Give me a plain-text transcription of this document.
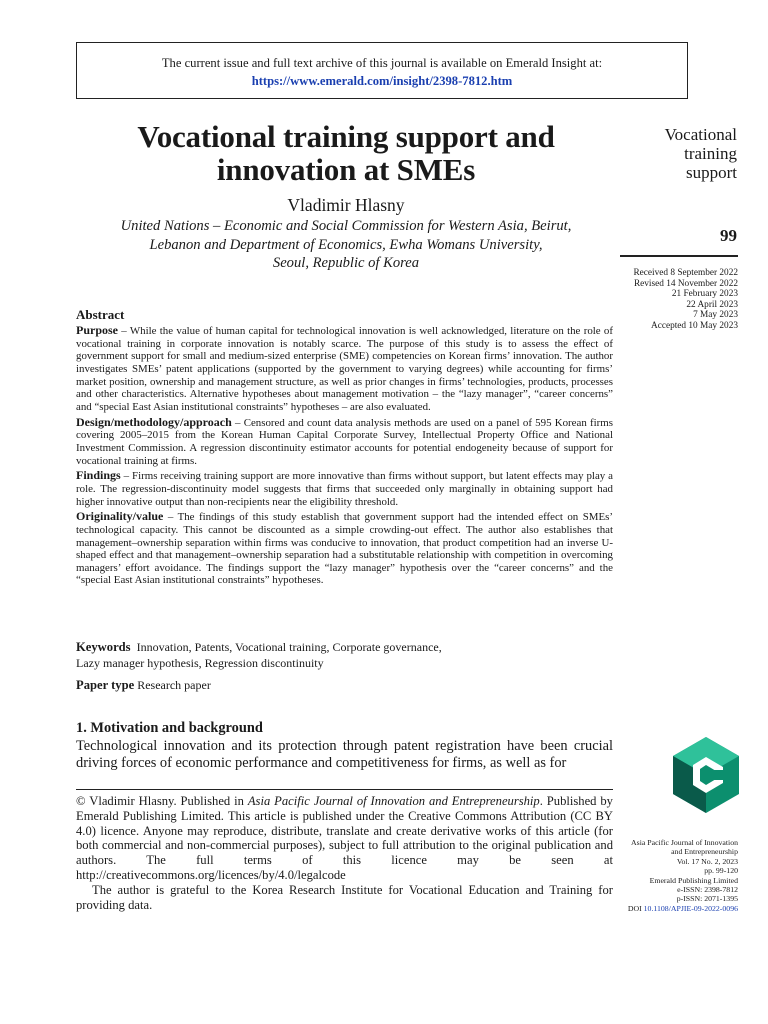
The current issue and full text archive of this journal is available on Emerald Insight at:
https://www.emerald.com/insight/2398-7812.htm
Vocational training support and innovation at SMEs
Vladimir Hlasny
United Nations – Economic and Social Commission for Western Asia, Beirut,
Lebanon and Department of Economics, Ewha Womans University,
Seoul, Republic of Korea
Vocational
training
support
99
Received 8 September 2022
Revised 14 November 2022
21 February 2023
22 April 2023
7 May 2023
Accepted 10 May 2023
Abstract

Purpose – While the value of human capital for technological innovation is well acknowledged, literature on the role of vocational training in corporate innovation is notably scarce. The purpose of this study is to assess the effect of government support for small and medium-sized enterprise (SME) competencies on Korean firms’ innovation. The author investigates SMEs’ patent applications (supported by the government to varying degrees) while accounting for firms’ market position, ownership and management structure, as well as prior changes in firms’ technologies, products, processes and other characteristics. Alternative hypotheses about management motivation – the “lazy manager”, “career concerns” and “special East Asian institutional constraints” hypotheses – are also evaluated.

Design/methodology/approach – Censored and count data analysis methods are used on a panel of 595 Korean firms covering 2005–2015 from the Korean Human Capital Corporate Survey, Intellectual Property Office and National Investment Commission. A regression discontinuity estimator accounts for potential endogeneity because of support for vocational training at firms.

Findings – Firms receiving training support are more innovative than firms without support, but latent effects may play a role. The regression-discontinuity model suggests that firms that succeeded only marginally in obtaining support had higher innovative output than non-recipients near the eligibility threshold.

Originality/value – The findings of this study establish that government support had the intended effect on SMEs’ technological capacity. This cannot be discounted as a simple crowding-out effect. The author also establishes that management–ownership separation within firms was conducive to innovation, that product competition had an inverse U-shaped effect and that management–ownership separation had a substitutable relationship with competition in overcoming managers’ effort avoidance. The findings support the “lazy manager” hypothesis over the “career concerns” and the “special East Asian institutional constraints” hypotheses.

Keywords Innovation, Patents, Vocational training, Corporate governance,
Lazy manager hypothesis, Regression discontinuity
Paper type Research paper
1. Motivation and background

Technological innovation and its protection through patent registration have been crucial driving forces of economic performance and competitiveness for firms, as well as for

© Vladimir Hlasny. Published in Asia Pacific Journal of Innovation and Entrepreneurship. Published by Emerald Publishing Limited. This article is published under the Creative Commons Attribution (CC BY 4.0) licence. Anyone may reproduce, distribute, translate and create derivative works of this article (for both commercial and non-commercial purposes), subject to full attribution to the original publication and authors. The full terms of this licence may be seen at http://creativecommons.org/licences/by/4.0/legalcode

The author is grateful to the Korea Research Institute for Vocational Education and Training for providing data.

Asia Pacific Journal of Innovation
and Entrepreneurship
Vol. 17 No. 2, 2023
pp. 99-120
Emerald Publishing Limited
e-ISSN: 2398-7812
p-ISSN: 2071-1395
DOI 10.1108/APJIE-09-2022-0096
